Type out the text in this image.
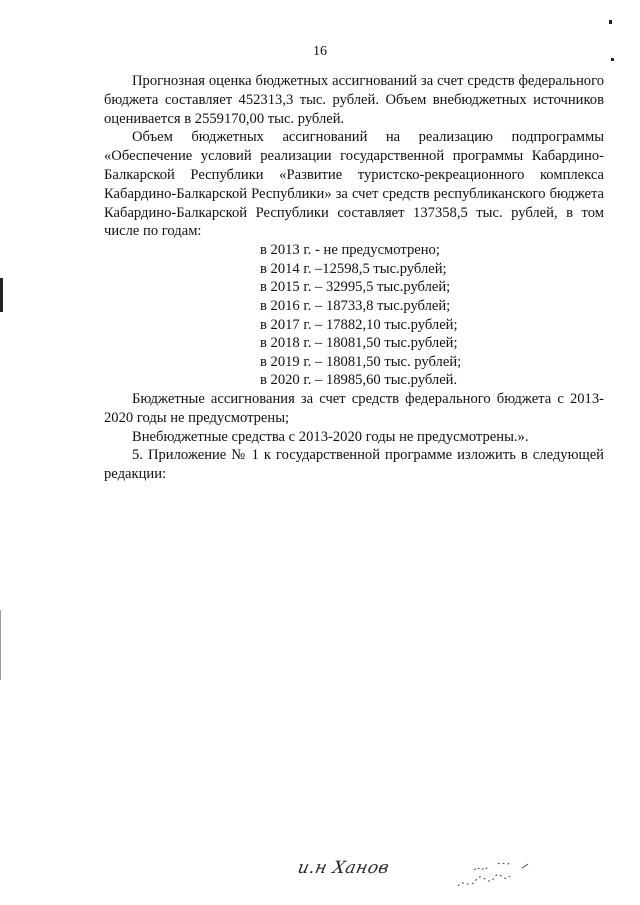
16

Прогнозная оценка бюджетных ассигнований за счет средств федерального бюджета составляет 452313,3 тыс. рублей. Объем внебюджетных источников оценивается в 2559170,00 тыс. рублей.

Объем бюджетных ассигнований на реализацию подпрограммы «Обеспечение условий реализации государственной программы Кабардино-Балкарской Республики «Развитие туристско-рекреационного комплекса Кабардино-Балкарской Республики» за счет средств республиканского бюджета Кабардино-Балкарской Республики составляет 137358,5 тыс. рублей, в том числе по годам:

в 2013 г. - не предусмотрено;
в 2014 г. –12598,5 тыс.рублей;
в 2015 г. – 32995,5 тыс.рублей;
в 2016 г. – 18733,8 тыс.рублей;
в 2017 г. – 17882,10 тыс.рублей;
в 2018 г. – 18081,50 тыс.рублей;
в 2019 г. – 18081,50 тыс. рублей;
в 2020 г. – 18985,60 тыс.рублей.

Бюджетные ассигнования за счет средств федерального бюджета с 2013-2020 годы не предусмотрены;

Внебюджетные средства с 2013-2020 годы не предусмотрены.».

5. Приложение № 1 к государственной программе изложить в следующей редакции:

и.н Ханов
